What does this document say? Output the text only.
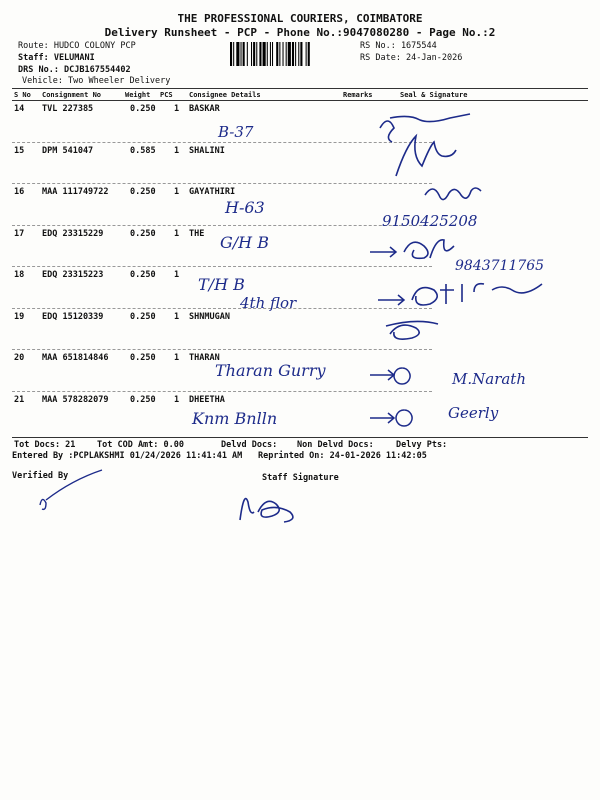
THE PROFESSIONAL COURIERS, COIMBATORE
Delivery Runsheet - PCP - Phone No.:9047080280 - Page No.:2
Route: HUDCO COLONY PCP
Staff: VELUMANI
DRS No.: DCJB167554402
Vehicle: Two Wheeler Delivery
RS No.: 1675544
RS Date: 24-Jan-2026
S No Consignment No	Weight PCS Consignee Details	Remarks	Seal & Signature
14 TVL 227385	0.250 1 BASKAR
15 DPM 541047	0.585 1 SHALINI
16 MAA 111749722	0.250 1 GAYATHIRI
17 EDQ 23315229	0.250 1 THE
18 EDQ 23315223	0.250 1
19 EDQ 15120339	0.250 1 SHNMUGAN
20 MAA 651814846	0.250 1 THARAN
21 MAA 578282079	0.250 1 DHEETHA
B-37
H-63
9150425208
G/H B
9843711765
T/H B
4th flor
Tharan Gurry	M.Narath
Knm Bnlln	Geerly
Tot Docs: 21	Tot COD Amt: 0.00	Delvd Docs: Non Delvd Docs:	Delvy Pts:
Entered By :PCPLAKSHMI 01/24/2026 11:41:41 AM Reprinted On: 24-01-2026 11:42:05
Verified By	Staff Signature
